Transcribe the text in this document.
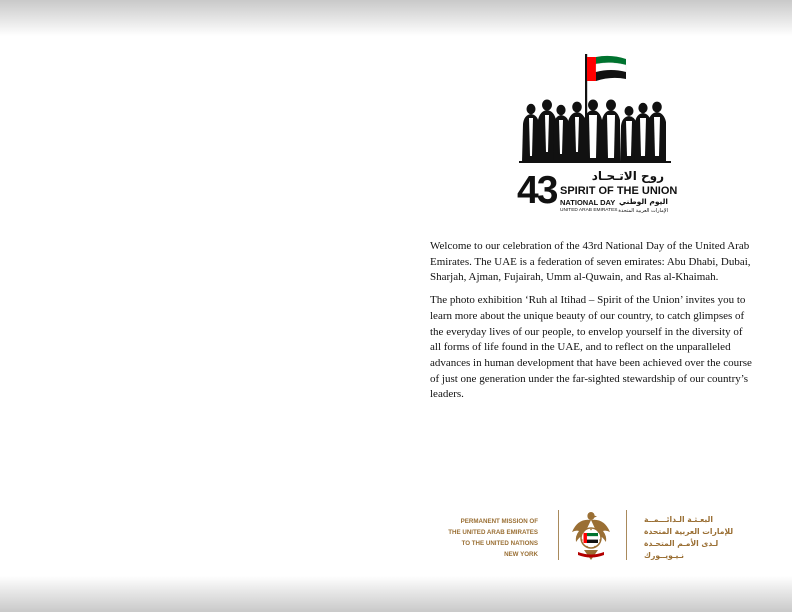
43	روح الاتـحـاد
SPIRIT OF THE UNION
NATIONAL DAY اليوم الوطني
UNITED ARAB EMIRATES الإمارات العربية المتحدة

Welcome to our celebration of the 43rd National Day of the United Arab Emirates. The UAE is a federation of seven emirates: Abu Dhabi, Dubai, Sharjah, Ajman, Fujairah, Umm al-Quwain, and Ras al-Khaimah.

The photo exhibition ‘Ruh al Itihad – Spirit of the Union’ invites you to learn more about the unique beauty of our country, to catch glimpses of the everyday lives of our people, to envelop yourself in the diversity of all forms of life found in the UAE, and to reflect on the unparalleled advances in human development that have been achieved over the course of just one generation under the far-sighted stewardship of our country’s leaders.

PERMANENT MISSION OF
THE UNITED ARAB EMIRATES
TO THE UNITED NATIONS
NEW YORK
البعـثـة الـدائـــمــة
للإمارات العربية المتحدة
لـدى الأمـم المتحـدة
نـيـويــورك
